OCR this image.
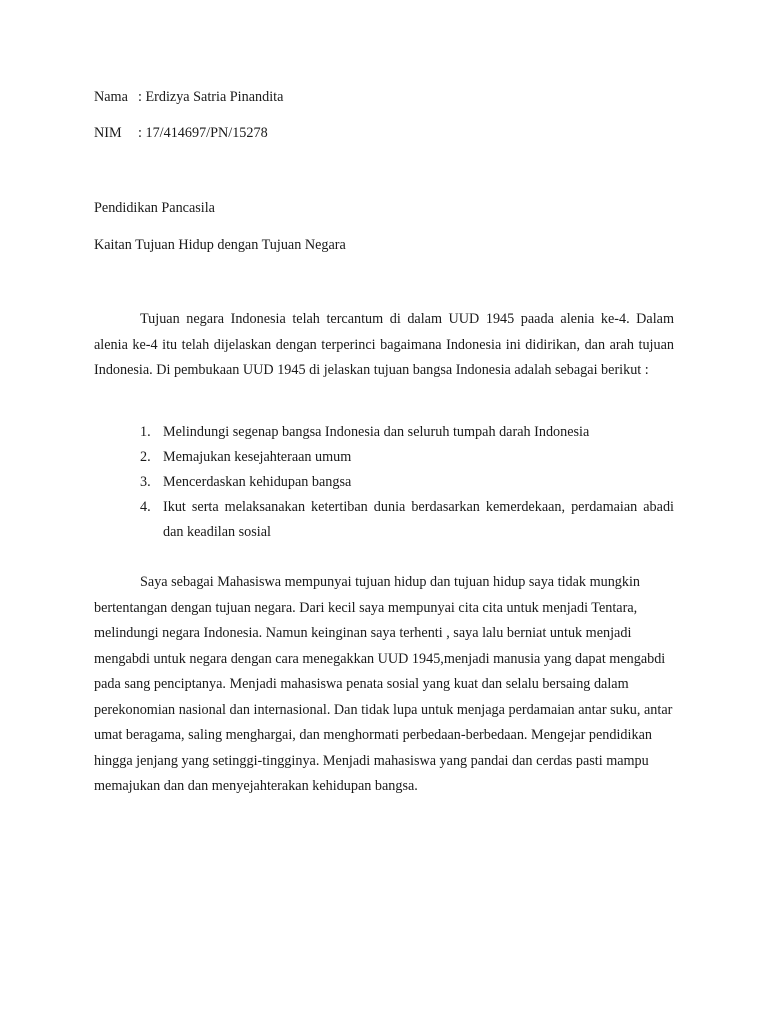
Nama : Erdizya Satria Pinandita
NIM : 17/414697/PN/15278
Pendidikan Pancasila
Kaitan Tujuan Hidup dengan Tujuan Negara

Tujuan negara Indonesia telah tercantum di dalam UUD 1945 paada alenia ke-4. Dalam alenia ke-4 itu telah dijelaskan dengan terperinci bagaimana Indonesia ini didirikan, dan arah tujuan Indonesia. Di pembukaan UUD 1945 di jelaskan tujuan bangsa Indonesia adalah sebagai berikut :

1. Melindungi segenap bangsa Indonesia dan seluruh tumpah darah Indonesia
2. Memajukan kesejahteraan umum
3. Mencerdaskan kehidupan bangsa
4. Ikut serta melaksanakan ketertiban dunia berdasarkan kemerdekaan, perdamaian abadi dan keadilan sosial

Saya sebagai Mahasiswa mempunyai tujuan hidup dan tujuan hidup saya tidak mungkin bertentangan dengan tujuan negara. Dari kecil saya mempunyai cita cita untuk menjadi Tentara, melindungi negara Indonesia. Namun keinginan saya terhenti , saya lalu berniat untuk menjadi mengabdi untuk negara dengan cara menegakkan UUD 1945,menjadi manusia yang dapat mengabdi pada sang penciptanya. Menjadi mahasiswa penata sosial yang kuat dan selalu bersaing dalam perekonomian nasional dan internasional. Dan tidak lupa untuk menjaga perdamaian antar suku, antar umat beragama, saling menghargai, dan menghormati perbedaan-berbedaan. Mengejar pendidikan hingga jenjang yang setinggi-tingginya. Menjadi mahasiswa yang pandai dan cerdas pasti mampu memajukan dan dan menyejahterakan kehidupan bangsa.
